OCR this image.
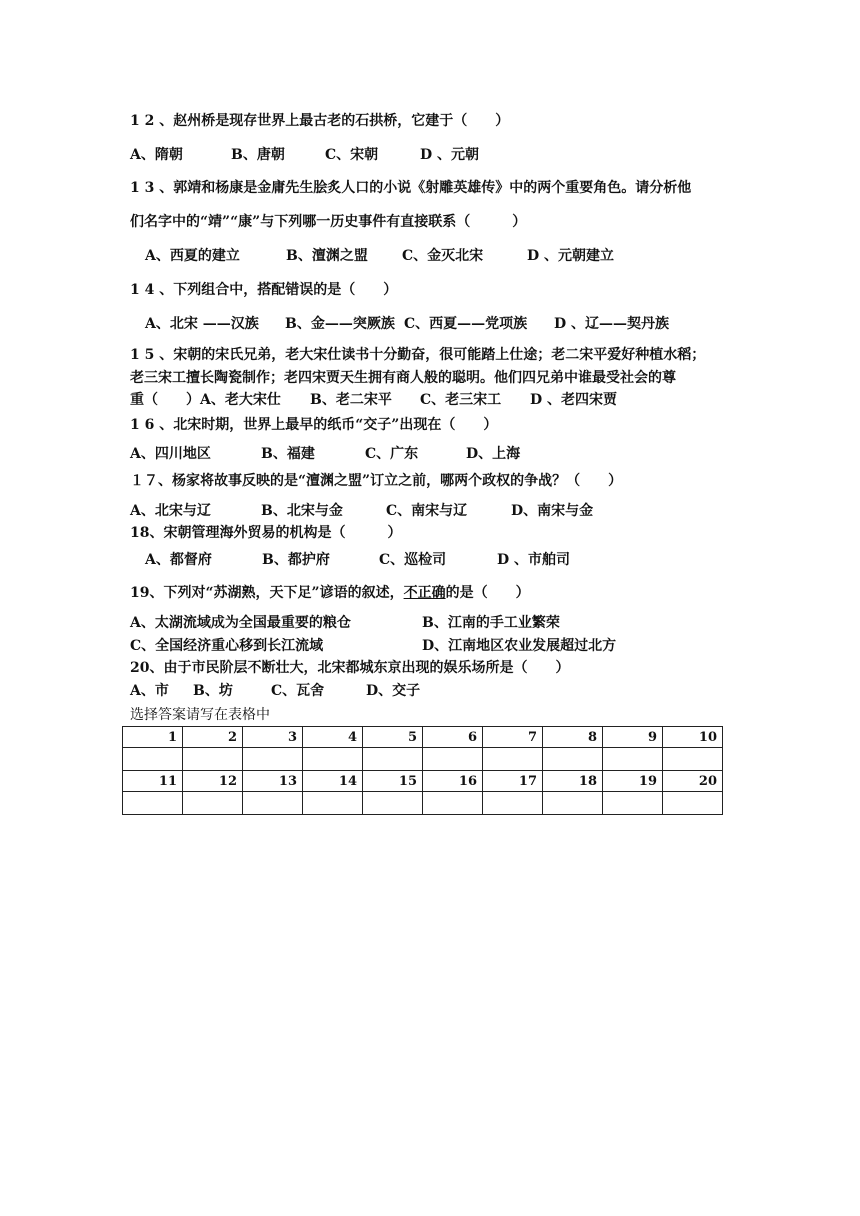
1 2 、赵州桥是现存世界上最古老的石拱桥，它建于（　　）
A、隋朝	B、唐朝	C、宋朝	D 、元朝
1 3 、郭靖和杨康是金庸先生脍炙人口的小说《射雕英雄传》中的两个重要角色。请分析他
们名字中的“靖”“康”与下列哪一历史事件有直接联系（　　　）
A、西夏的建立	B、澶渊之盟 C、金灭北宋	D 、元朝建立
1 4 、下列组合中，搭配错误的是（　　）
A、北宋 ——汉族 B、金——突厥族 C、西夏——党项族 D 、辽——契丹族
1 5 、宋朝的宋氏兄弟，老大宋仕读书十分勤奋，很可能踏上仕途；老二宋平爱好种植水稻；
老三宋工擅长陶瓷制作；老四宋贾天生拥有商人般的聪明。他们四兄弟中谁最受社会的尊
重（　　）A、老大宋仕 B、老二宋平 C、老三宋工 D 、老四宋贾
1 6 、北宋时期，世界上最早的纸币“交子”出现在（　　）
A、四川地区	B、福建	C、广东	D、上海
１７、杨家将故事反映的是“澶渊之盟”订立之前，哪两个政权的争战？（　　）
A、北宋与辽	B、北宋与金	C、南宋与辽	D、南宋与金
18、宋朝管理海外贸易的机构是（　　　）
A、都督府	B、都护府	C、巡检司	D 、市舶司
19、下列对“苏湖熟，天下足”谚语的叙述，不正确的是（　　）
A、太湖流域成为全国最重要的粮仓	B、江南的手工业繁荣
C、全国经济重心移到长江流域	D、江南地区农业发展超过北方
20、由于市民阶层不断壮大，北宋都城东京出现的娱乐场所是（　　）
A、市 B、坊	C、瓦舍	D、交子
选择答案请写在表格中
1	2	3	4	5	6	7	8	9	10

11	12	13	14	15	16	17	18	19	20
